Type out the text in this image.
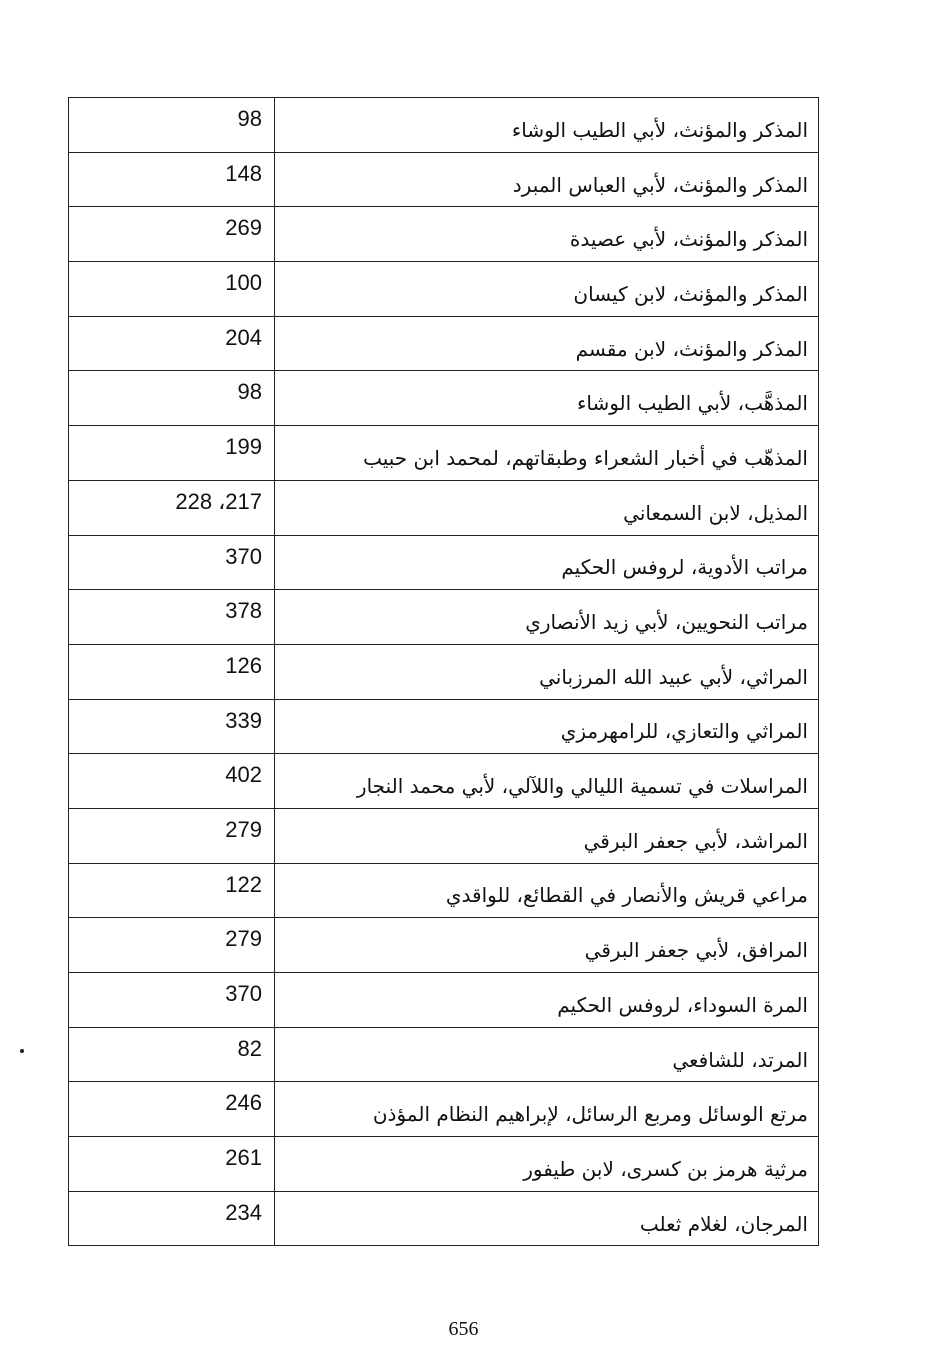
98	المذكر والمؤنث، لأبي الطيب الوشاء
148	المذكر والمؤنث، لأبي العباس المبرد
269	المذكر والمؤنث، لأبي عصيدة
100	المذكر والمؤنث، لابن كيسان
204	المذكر والمؤنث، لابن مقسم
98	المذهَّب، لأبي الطيب الوشاء
199	المذهّب في أخبار الشعراء وطبقاتهم، لمحمد ابن حبيب
228 ،217	المذيل، لابن السمعاني
370	مراتب الأدوية، لروفس الحكيم
378	مراتب النحويين، لأبي زيد الأنصاري
126	المراثي، لأبي عبيد الله المرزباني
339	المراثي والتعازي، للرامهرمزي
402	المراسلات في تسمية الليالي واللآلي، لأبي محمد النجار
279	المراشد، لأبي جعفر البرقي
122	مراعي قريش والأنصار في القطائع، للواقدي
279	المرافق، لأبي جعفر البرقي
370	المرة السوداء، لروفس الحكيم
82	المرتد، للشافعي
246	مرتع الوسائل ومربع الرسائل، لإبراهيم النظام المؤذن
261	مرثية هرمز بن كسرى، لابن طيفور
234	المرجان، لغلام ثعلب
656
